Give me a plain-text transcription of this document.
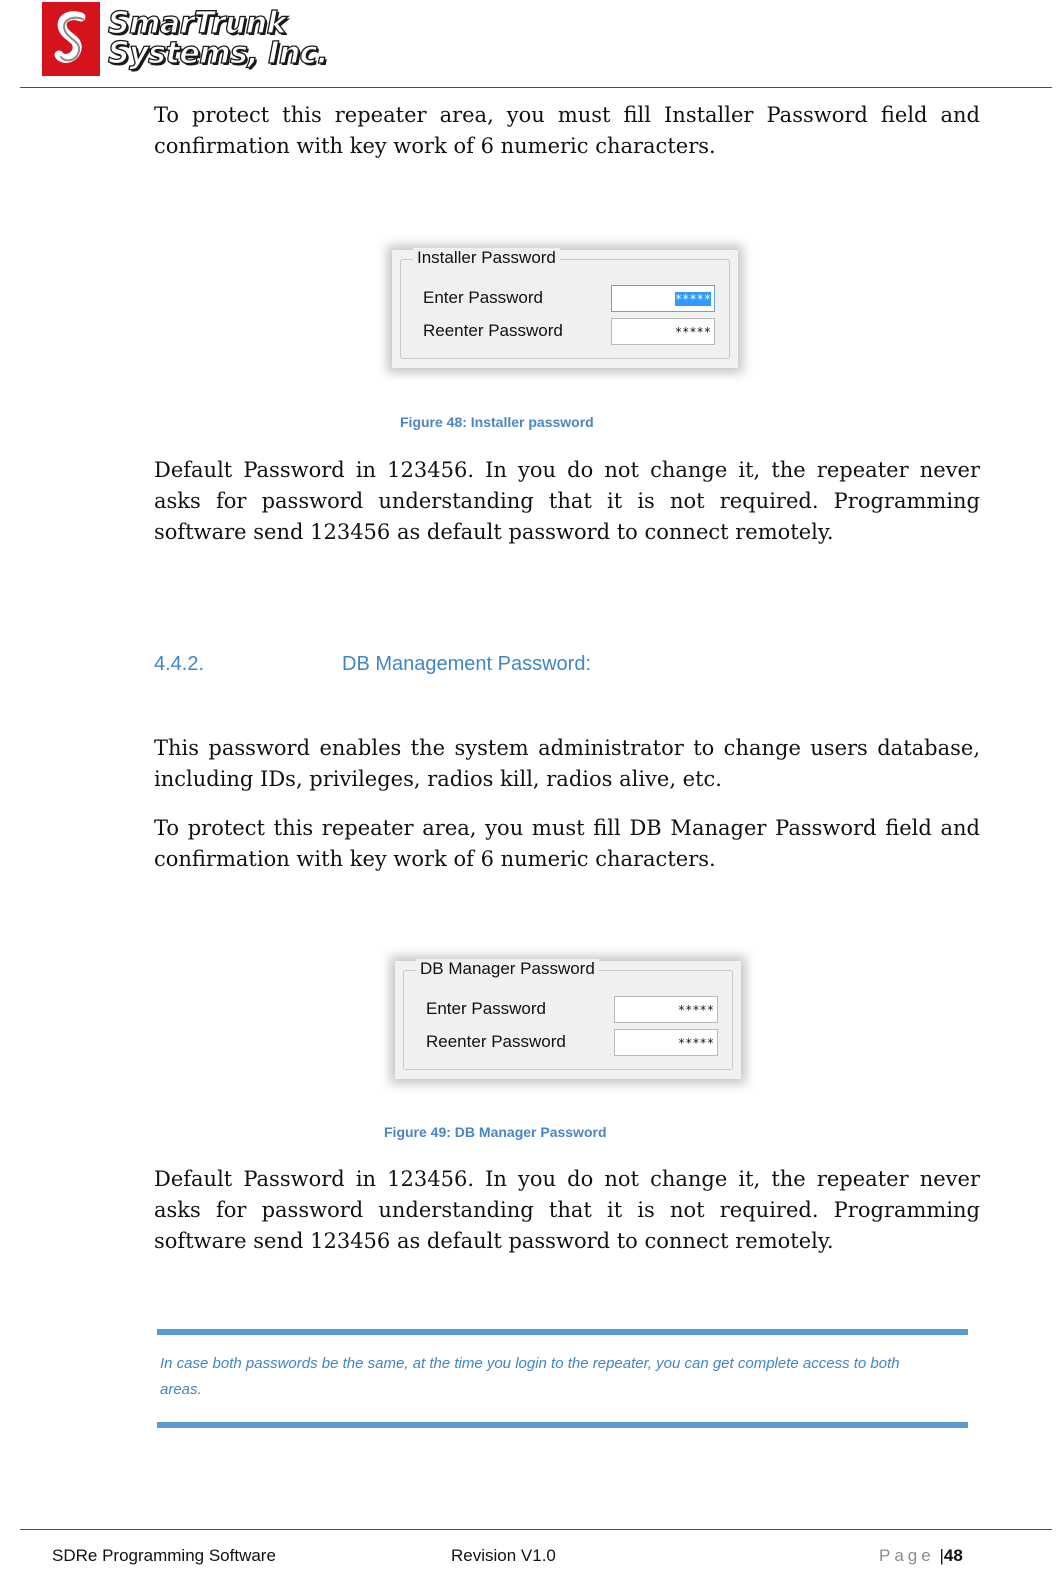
SmarTrunk
Systems, Inc.

To protect this repeater area, you must fill Installer Password field and confirmation with key work of 6 numeric characters.

Installer Password
Enter Password	*****
Reenter Password	*****
Figure 48: Installer password

Default Password in 123456. In you do not change it, the repeater never asks for password understanding that it is not required. Programming software send 123456 as default password to connect remotely.

4.4.2.	DB Management Password:

This password enables the system administrator to change users database, including IDs, privileges, radios kill, radios alive, etc.

To protect this repeater area, you must fill DB Manager Password field and confirmation with key work of 6 numeric characters.

DB Manager Password
Enter Password	*****
Reenter Password	*****
Figure 49: DB Manager Password

Default Password in 123456. In you do not change it, the repeater never asks for password understanding that it is not required. Programming software send 123456 as default password to connect remotely.

In case both passwords be the same, at the time you login to the repeater, you can get complete access to both areas.

SDRe Programming Software	Revision V1.0	Page |48
